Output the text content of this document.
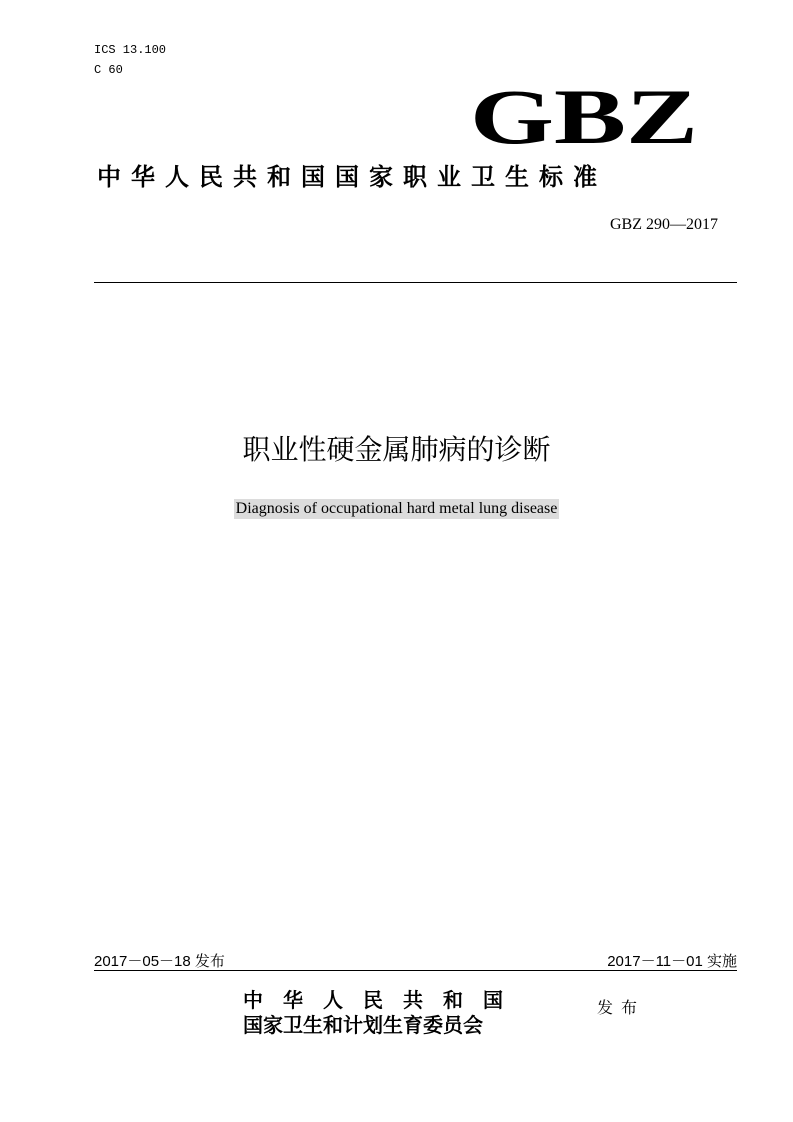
ICS 13.100
C 60
GBZ
中华人民共和国国家职业卫生标准
GBZ 290—2017
职业性硬金属肺病的诊断
Diagnosis of occupational hard metal lung disease
2017－05－18 发布	2017－11－01 实施
中华人民共和国
国家卫生和计划生育委员会
发布
